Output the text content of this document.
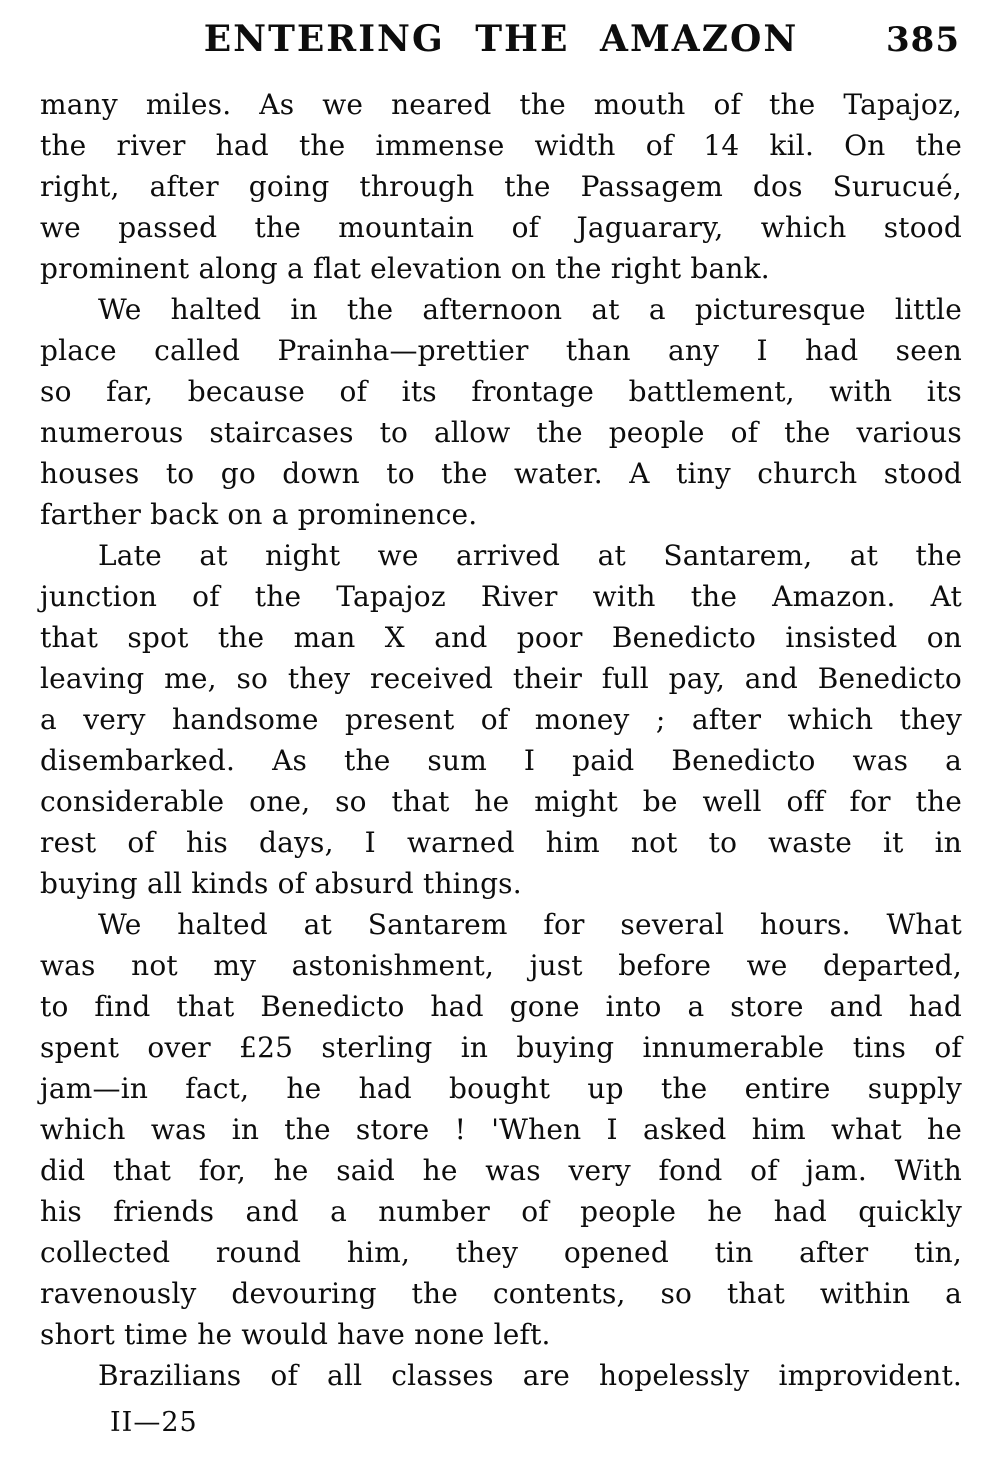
ENTERING THE AMAZON	385

many miles. As we neared the mouth of the Tapajoz,
the river had the immense width of 14 kil. On the
right, after going through the Passagem dos Surucué,
we passed the mountain of Jaguarary, which stood
prominent along a flat elevation on the right bank.

We halted in the afternoon at a picturesque little
place called Prainha—prettier than any I had seen
so far, because of its frontage battlement, with its
numerous staircases to allow the people of the various
houses to go down to the water. A tiny church stood
farther back on a prominence.

Late at night we arrived at Santarem, at the
junction of the Tapajoz River with the Amazon. At
that spot the man X and poor Benedicto insisted on
leaving me, so they received their full pay, and Benedicto
a very handsome present of money ; after which they
disembarked. As the sum I paid Benedicto was a
considerable one, so that he might be well off for the
rest of his days, I warned him not to waste it in
buying all kinds of absurd things.

We halted at Santarem for several hours. What
was not my astonishment, just before we departed,
to find that Benedicto had gone into a store and had
spent over £25 sterling in buying innumerable tins of
jam—in fact, he had bought up the entire supply
which was in the store ! 'When I asked him what he
did that for, he said he was very fond of jam. With
his friends and a number of people he had quickly
collected round him, they opened tin after tin,
ravenously devouring the contents, so that within a
short time he would have none left.

Brazilians of all classes are hopelessly improvident.

II—25
